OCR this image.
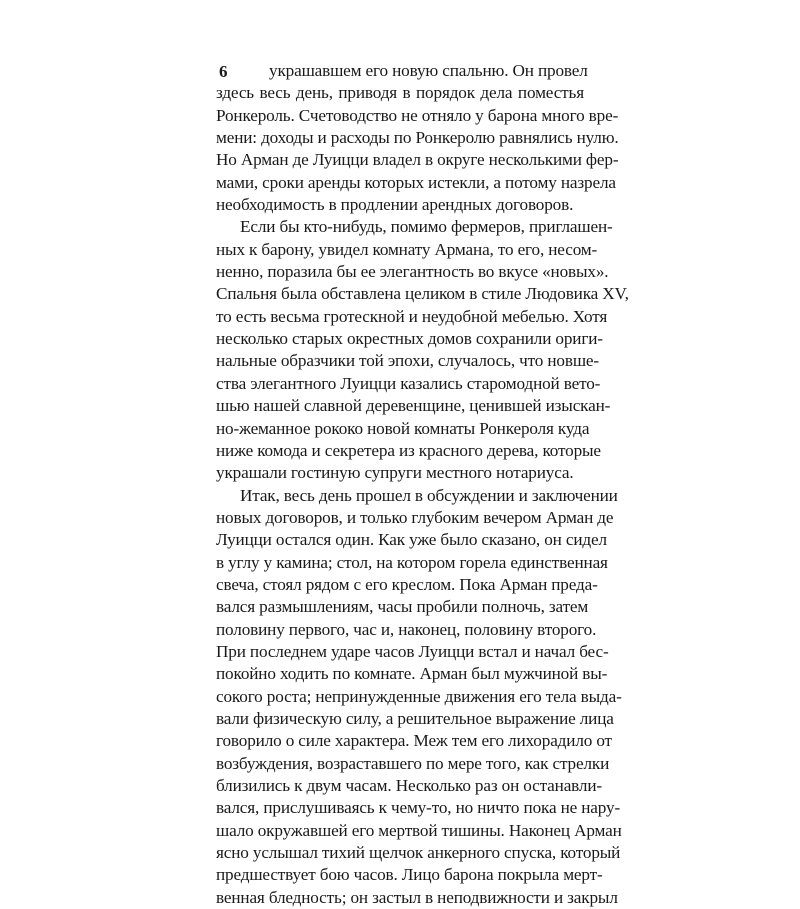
6 украшавшем его новую спальню. Он провел
здесь весь день, приводя в порядок дела поместья
Ронкероль. Счетоводство не отняло у барона много вре-
мени: доходы и расходы по Ронкеролю равнялись нулю.
Но Арман де Луицци владел в округе несколькими фер-
мами, сроки аренды которых истекли, а потому назрела
необходимость в продлении арендных договоров.
Если бы кто-нибудь, помимо фермеров, приглашен-
ных к барону, увидел комнату Армана, то его, несом-
ненно, поразила бы ее элегантность во вкусе «новых».
Спальня была обставлена целиком в стиле Людовика XV,
то есть весьма гротескной и неудобной мебелью. Хотя
несколько старых окрестных домов сохранили ориги-
нальные образчики той эпохи, случалось, что новше-
ства элегантного Луицци казались старомодной вето-
шью нашей славной деревенщине, ценившей изыскан-
но-жеманное рококо новой комнаты Ронкероля куда
ниже комода и секретера из красного дерева, которые
украшали гостиную супруги местного нотариуса.
Итак, весь день прошел в обсуждении и заключении
новых договоров, и только глубоким вечером Арман де
Луицци остался один. Как уже было сказано, он сидел
в углу у камина; стол, на котором горела единственная
свеча, стоял рядом с его креслом. Пока Арман преда-
вался размышлениям, часы пробили полночь, затем
половину первого, час и, наконец, половину второго.
При последнем ударе часов Луицци встал и начал бес-
покойно ходить по комнате. Арман был мужчиной вы-
сокого роста; непринужденные движения его тела выда-
вали физическую силу, а решительное выражение лица
говорило о силе характера. Меж тем его лихорадило от
возбуждения, возраставшего по мере того, как стрелки
близились к двум часам. Несколько раз он останавли-
вался, прислушиваясь к чему-то, но ничто пока не нару-
шало окружавшей его мертвой тишины. Наконец Арман
ясно услышал тихий щелчок анкерного спуска, который
предшествует бою часов. Лицо барона покрыла мерт-
венная бледность; он застыл в неподвижности и закрыл
